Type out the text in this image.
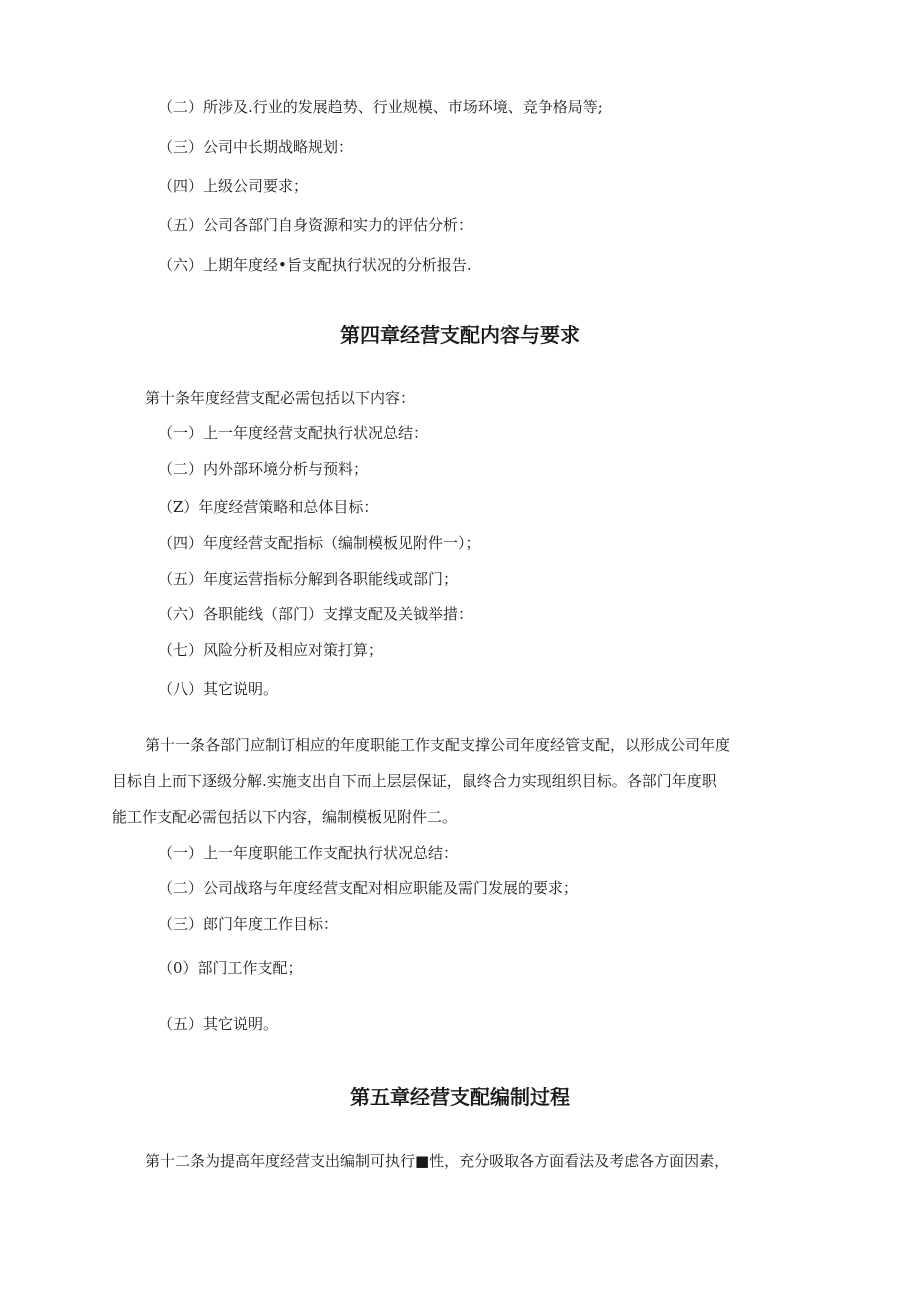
（二）所涉及.行业的发展趋势、行业规模、市场环境、竞争格局等;

（三）公司中长期战略规划：

（四）上级公司要求；

（五）公司各部门自身资源和实力的评估分析：

（六）上期年度经•旨支配执行状况的分析报告.

第四章经营支配内容与要求

第十条年度经营支配必需包括以下内容：

（一）上一年度经营支配执行状况总结：

（二）内外部环境分析与预料；

（Z）年度经营策略和总体目标：

（四）年度经营支配指标（编制模板见附件一）；

（五）年度运营指标分解到各职能线或部门；

（六）各职能线（部门）支撑支配及关钺举措：

（七）风险分析及相应对策打算；

（八）其它说明。

第十一条各部门应制订相应的年度职能工作支配支撑公司年度经管支配，以形成公司年度

目标自上而下逐级分解.实施支出自下而上层层保证，鼠终合力实现组织目标。各部门年度职

能工作支配必需包括以下内容，编制模板见附件二。

（一）上一年度职能工作支配执行状况总结：

（二）公司战珞与年度经营支配对相应职能及需门发展的要求；

（三）郎门年度工作目标：

（0）部门工作支配；

（五）其它说明。

第五章经营支配编制过程

第十二条为提高年度经营支出编制可执行■性，充分吸取各方面看法及考虑各方面因素，
